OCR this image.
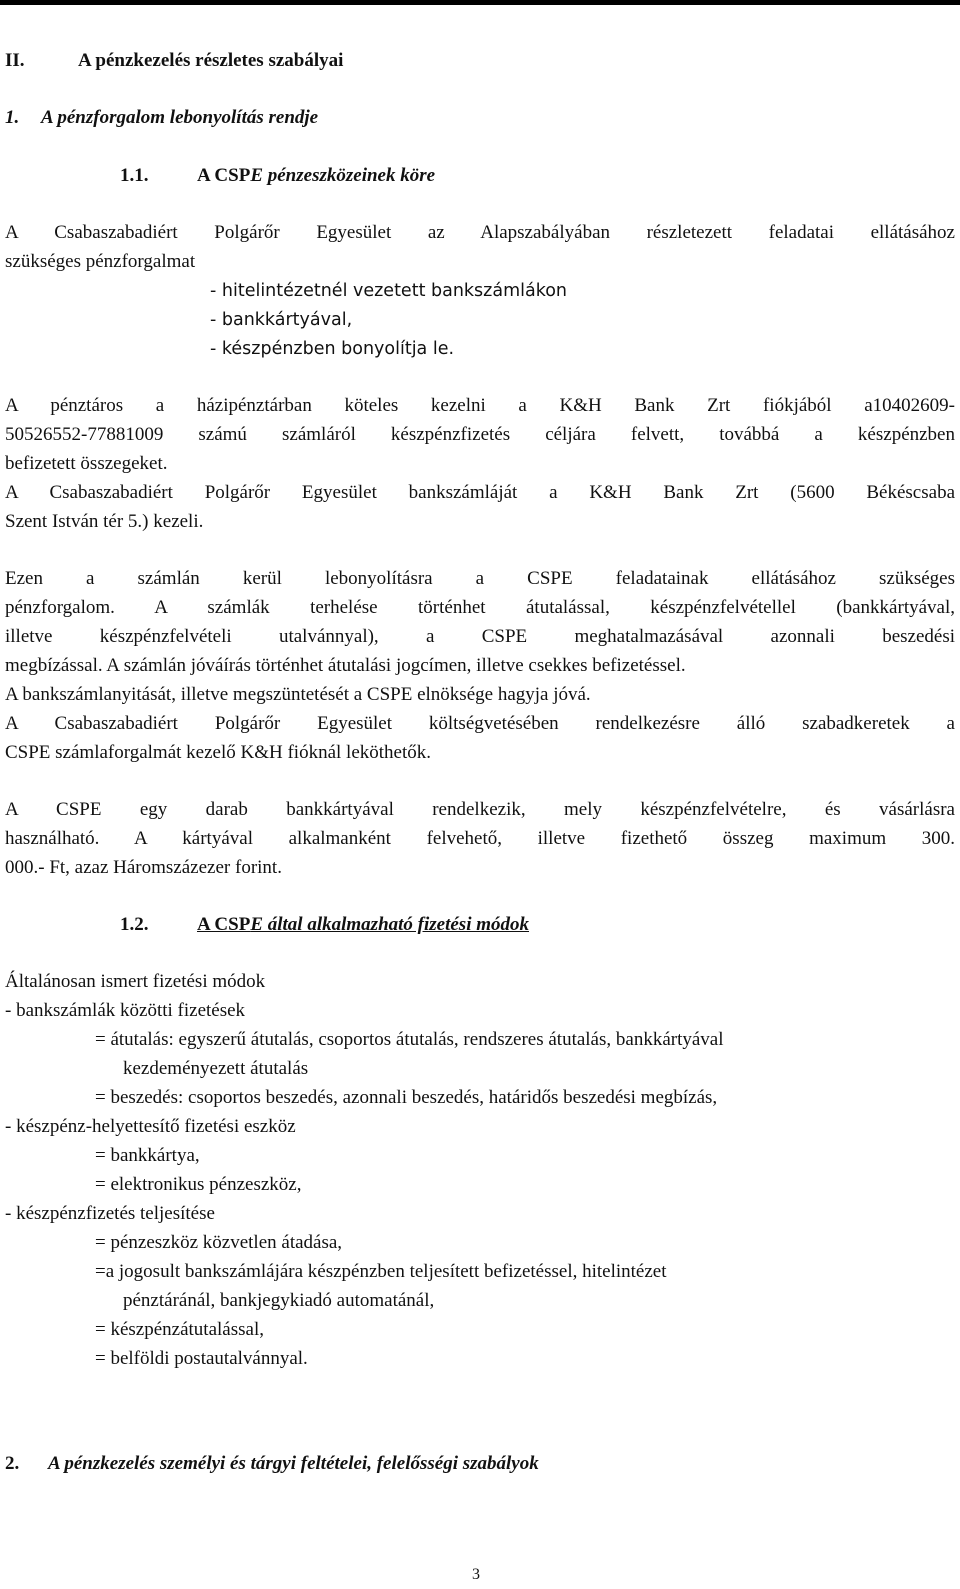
II.	A pénzkezelés részletes szabályai
1. A pénzforgalom lebonyolítás rendje
1.1.	A CSPE pénzeszközeinek köre
A Csabaszabadiért Polgárőr Egyesület az Alapszabályában részletezett feladatai ellátásához
szükséges pénzforgalmat
- hitelintézetnél vezetett bankszámlákon
- bankkártyával,
- készpénzben bonyolítja le.
A pénztáros a házipénztárban köteles kezelni a K&H Bank Zrt fiókjából a10402609-
50526552-77881009 számú számláról készpénzfizetés céljára felvett, továbbá a készpénzben
befizetett összegeket.
A Csabaszabadiért Polgárőr Egyesület bankszámláját a K&H Bank Zrt (5600 Békéscsaba
Szent István tér 5.) kezeli.
Ezen a számlán kerül lebonyolításra a CSPE feladatainak ellátásához szükséges
pénzforgalom. A számlák terhelése történhet átutalással, készpénzfelvétellel (bankkártyával,
illetve készpénzfelvételi utalvánnyal), a CSPE meghatalmazásával azonnali beszedési
megbízással. A számlán jóváírás történhet átutalási jogcímen, illetve csekkes befizetéssel.
A bankszámlanyitását, illetve megszüntetését a CSPE elnöksége hagyja jóvá.
A Csabaszabadiért Polgárőr Egyesület költségvetésében rendelkezésre álló szabadkeretek a
CSPE számlaforgalmát kezelő K&H fióknál leköthetők.
A CSPE egy darab bankkártyával rendelkezik, mely készpénzfelvételre, és vásárlásra
használható. A kártyával alkalmanként felvehető, illetve fizethető összeg maximum 300.
000.- Ft, azaz Háromszázezer forint.
1.2.	A CSPE által alkalmazható fizetési módok
Általánosan ismert fizetési módok
- bankszámlák közötti fizetések
= átutalás: egyszerű átutalás, csoportos átutalás, rendszeres átutalás, bankkártyával
kezdeményezett átutalás
= beszedés: csoportos beszedés, azonnali beszedés, határidős beszedési megbízás,
- készpénz-helyettesítő fizetési eszköz
= bankkártya,
= elektronikus pénzeszköz,
- készpénzfizetés teljesítése
= pénzeszköz közvetlen átadása,
=a jogosult bankszámlájára készpénzben teljesített befizetéssel, hitelintézet
pénztáránál, bankjegykiadó automatánál,
= készpénzátutalással,
= belföldi postautalvánnyal.
2. A pénzkezelés személyi és tárgyi feltételei, felelősségi szabályok
3
